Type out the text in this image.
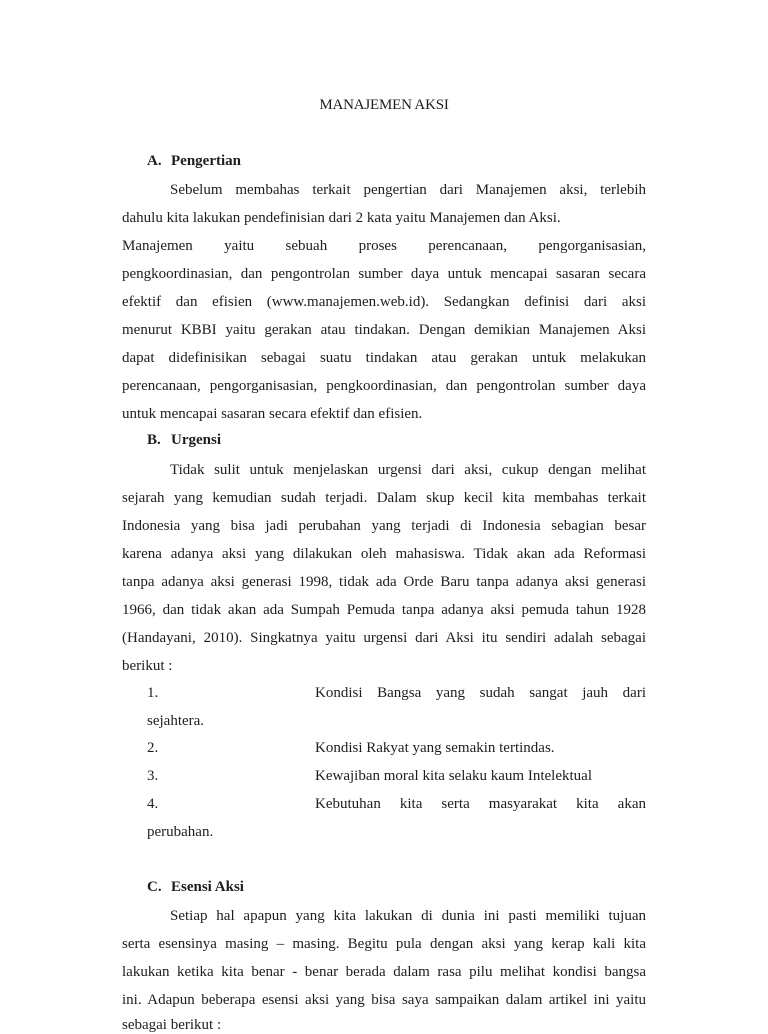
MANAJEMEN AKSI
A. Pengertian
Sebelum membahas terkait pengertian dari Manajemen aksi, terlebih
dahulu kita lakukan pendefinisian dari 2 kata yaitu Manajemen dan Aksi.
Manajemen yaitu sebuah proses perencanaan, pengorganisasian,
pengkoordinasian, dan pengontrolan sumber daya untuk mencapai sasaran secara
efektif dan efisien (www.manajemen.web.id). Sedangkan definisi dari aksi
menurut KBBI yaitu gerakan atau tindakan. Dengan demikian Manajemen Aksi
dapat didefinisikan sebagai suatu tindakan atau gerakan untuk melakukan
perencanaan, pengorganisasian, pengkoordinasian, dan pengontrolan sumber daya
untuk mencapai sasaran secara efektif dan efisien.
B. Urgensi
Tidak sulit untuk menjelaskan urgensi dari aksi, cukup dengan melihat
sejarah yang kemudian sudah terjadi. Dalam skup kecil kita membahas terkait
Indonesia yang bisa jadi perubahan yang terjadi di Indonesia sebagian besar
karena adanya aksi yang dilakukan oleh mahasiswa. Tidak akan ada Reformasi
tanpa adanya aksi generasi 1998, tidak ada Orde Baru tanpa adanya aksi generasi
1966, dan tidak akan ada Sumpah Pemuda tanpa adanya aksi pemuda tahun 1928
(Handayani, 2010). Singkatnya yaitu urgensi dari Aksi itu sendiri adalah sebagai
berikut :
1.	Kondisi Bangsa yang sudah sangat jauh dari
sejahtera.
2.	Kondisi Rakyat yang semakin tertindas.
3.	Kewajiban moral kita selaku kaum Intelektual
4.	Kebutuhan kita serta masyarakat kita akan
perubahan.
C. Esensi Aksi
Setiap hal apapun yang kita lakukan di dunia ini pasti memiliki tujuan
serta esensinya masing – masing. Begitu pula dengan aksi yang kerap kali kita
lakukan ketika kita benar - benar berada dalam rasa pilu melihat kondisi bangsa
ini. Adapun beberapa esensi aksi yang bisa saya sampaikan dalam artikel ini yaitu
sebagai berikut :
